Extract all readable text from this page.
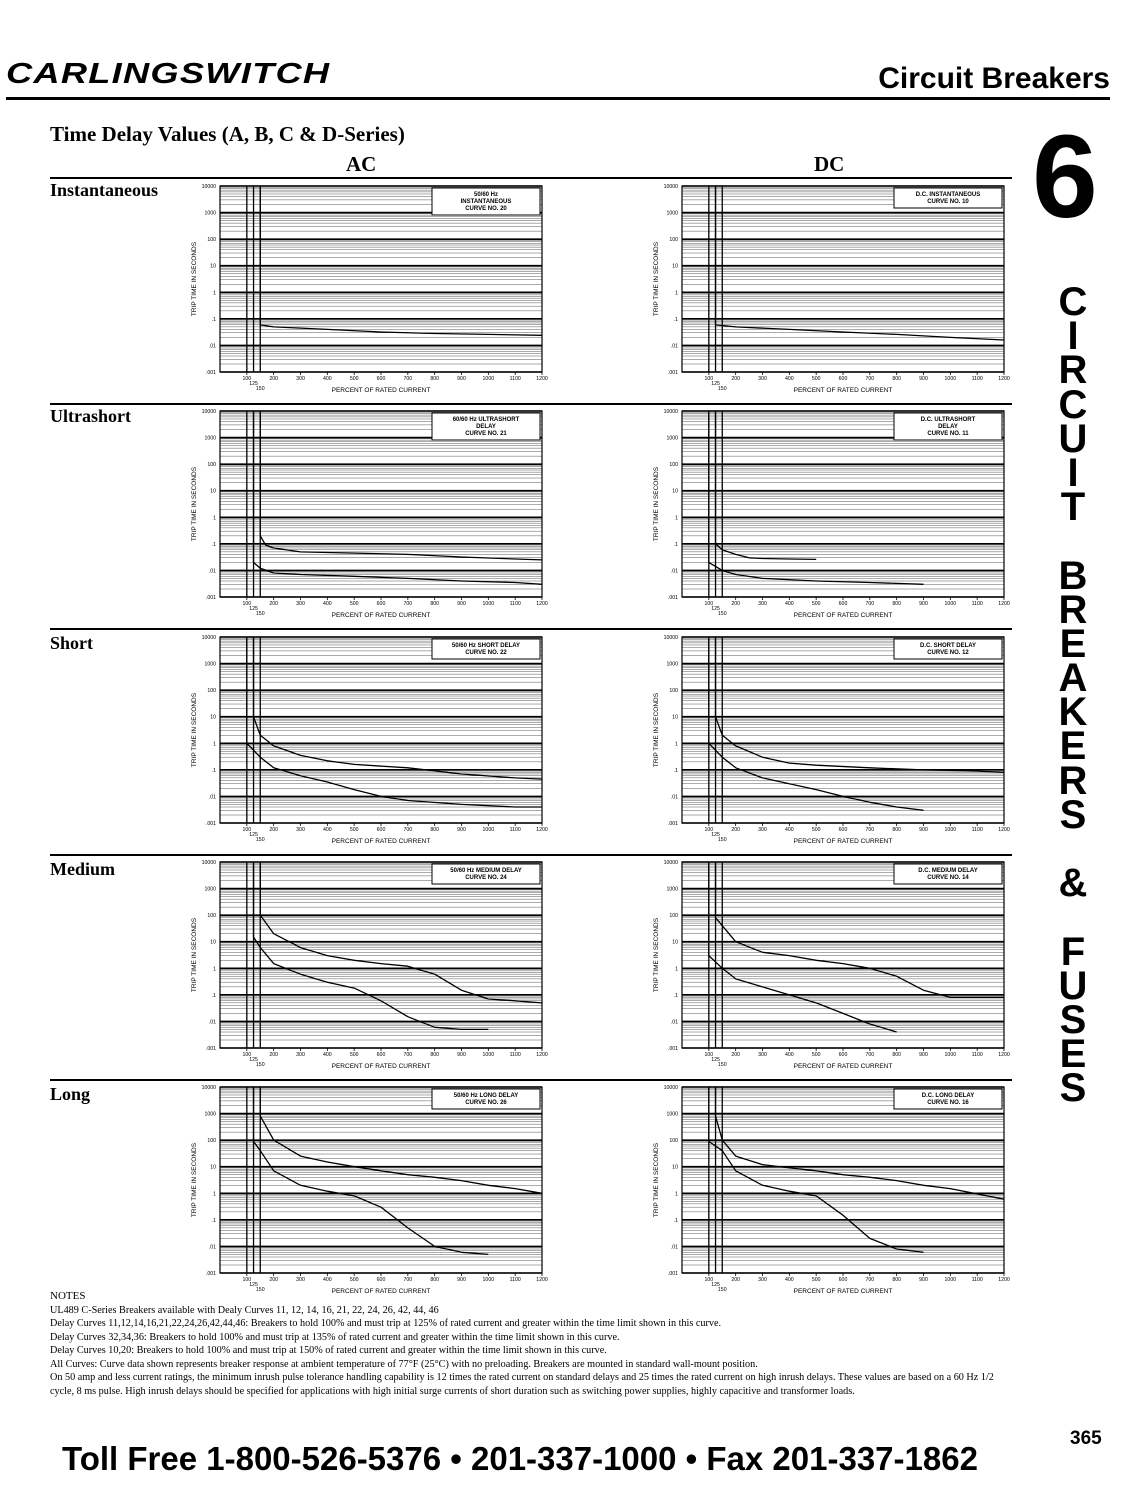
CARLINGSWITCH	Circuit Breakers
Time Delay Values (A, B, C & D-Series)
AC	DC 6
C
I
R
C
U
I
T
B
R
E
A
K
E
R
S
&
F
U
S
E
S
Instantaneous
Ultrashort
Short
Medium
Long
10000
1000
100
10
1
.1
.01
.001
100	200	300	400	500	600	700	800	900	1000	1100	1200
125
150	PERCENT OF RATED CURRENT
TRIP TIME IN SECONDS
50/60 Hz
INSTANTANEOUS
CURVE NO. 20
10000
1000
100
10
1
.1
.01
.001
100	200	300	400	500	600	700	800	900	1000	1100	1200
125
150	PERCENT OF RATED CURRENT
TRIP TIME IN SECONDS
D.C. INSTANTANEOUS
CURVE NO. 10
10000
1000
100
10
1
.1
.01
.001
100	200	300	400	500	600	700	800	900	1000	1100	1200
125
150	PERCENT OF RATED CURRENT
TRIP TIME IN SECONDS
60/60 Hz ULTRASHORT
DELAY
CURVE NO. 21
10000
1000
100
10
1
.1
.01
.001
100	200	300	400	500	600	700	800	900	1000	1100	1200
125
150	PERCENT OF RATED CURRENT
TRIP TIME IN SECONDS
D.C. ULTRASHORT
DELAY
CURVE NO. 11
10000
1000
100
10
1
.1
.01
.001
100	200	300	400	500	600	700	800	900	1000	1100	1200
125
150	PERCENT OF RATED CURRENT
TRIP TIME IN SECONDS
50/60 Hz SHORT DELAY
CURVE NO. 22
10000
1000
100
10
1
.1
.01
.001
100	200	300	400	500	600	700	800	900	1000	1100	1200
125
150	PERCENT OF RATED CURRENT
TRIP TIME IN SECONDS
D.C. SHORT DELAY
CURVE NO. 12
10000
1000
100
10
1
.1
.01
.001
100	200	300	400	500	600	700	800	900	1000	1100	1200
125
150	PERCENT OF RATED CURRENT
TRIP TIME IN SECONDS
50/60 Hz MEDIUM DELAY
CURVE NO. 24
10000
1000
100
10
1
.1
.01
.001
100	200	300	400	500	600	700	800	900	1000	1100	1200
125
150	PERCENT OF RATED CURRENT
TRIP TIME IN SECONDS
D.C. MEDIUM DELAY
CURVE NO. 14
10000
1000
100
10
1
.1
.01
.001
100	200	300	400	500	600	700	800	900	1000	1100	1200
125
150	PERCENT OF RATED CURRENT
TRIP TIME IN SECONDS
50/60 Hz LONG DELAY
CURVE NO. 26
10000
1000
100
10
1
.1
.01
.001
100	200	300	400	500	600	700	800	900	1000	1100	1200
125
150	PERCENT OF RATED CURRENT
TRIP TIME IN SECONDS
D.C. LONG DELAY
CURVE NO. 16

NOTES

UL489 C-Series Breakers available with Dealy Curves 11, 12, 14, 16, 21, 22, 24, 26, 42, 44, 46

Delay Curves 11,12,14,16,21,22,24,26,42,44,46: Breakers to hold 100% and must trip at 125% of rated current and greater within the time limit shown in this curve.

Delay Curves 32,34,36: Breakers to hold 100% and must trip at 135% of rated current and greater within the time limit shown in this curve.

Delay Curves 10,20: Breakers to hold 100% and must trip at 150% of rated current and greater within the time limit shown in this curve.

All Curves: Curve data shown represents breaker response at ambient temperature of 77°F (25°C) with no preloading. Breakers are mounted in standard wall-mount position.

On 50 amp and less current ratings, the minimum inrush pulse tolerance handling capability is 12 times the rated current on standard delays and 25 times the rated current on high inrush delays. These values are based on a 60 Hz 1/2 cycle, 8 ms pulse. High inrush delays should be specified for applications with high initial surge currents of short duration such as switching power supplies, highly capacitive and transformer loads.

365
Toll Free 1-800-526-5376 • 201-337-1000 • Fax 201-337-1862
